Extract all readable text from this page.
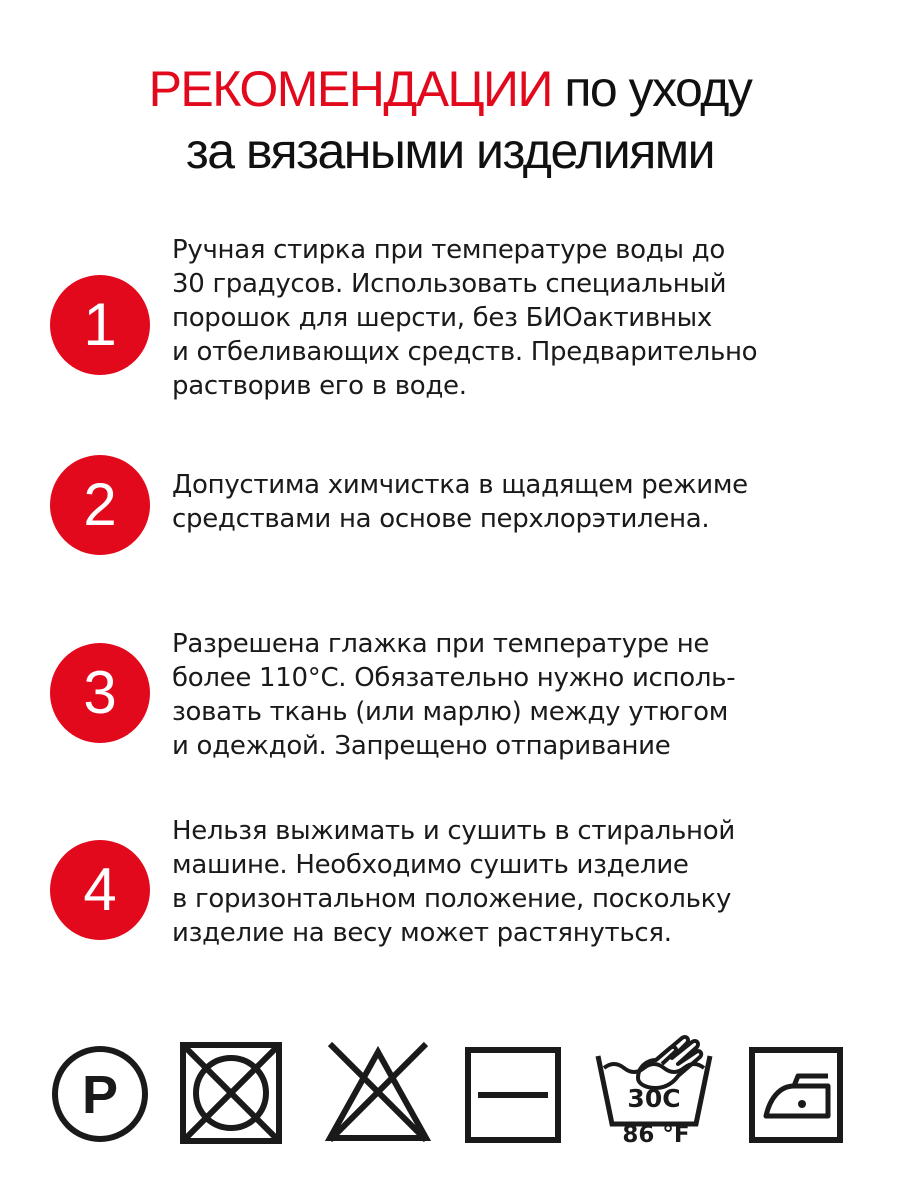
РЕКОМЕНДАЦИИ по уходу
за вязаными изделиями
1
Ручная стирка при температуре воды до
30 градусов. Использовать специальный
порошок для шерсти, без БИОактивных
и отбеливающих средств. Предварительно
растворив его в воде.
2	Допустима химчистка в щадящем режиме
средствами на основе перхлорэтилена.
3
Разрешена глажка при температуре не
более 110°С. Обязательно нужно исполь-
зовать ткань (или марлю) между утюгом
и одеждой. Запрещено отпаривание
4
Нельзя выжимать и сушить в стиральной
машине. Необходимо сушить изделие
в горизонтальном положение, поскольку
изделие на весу может растянуться.
P	30C
86 °F
